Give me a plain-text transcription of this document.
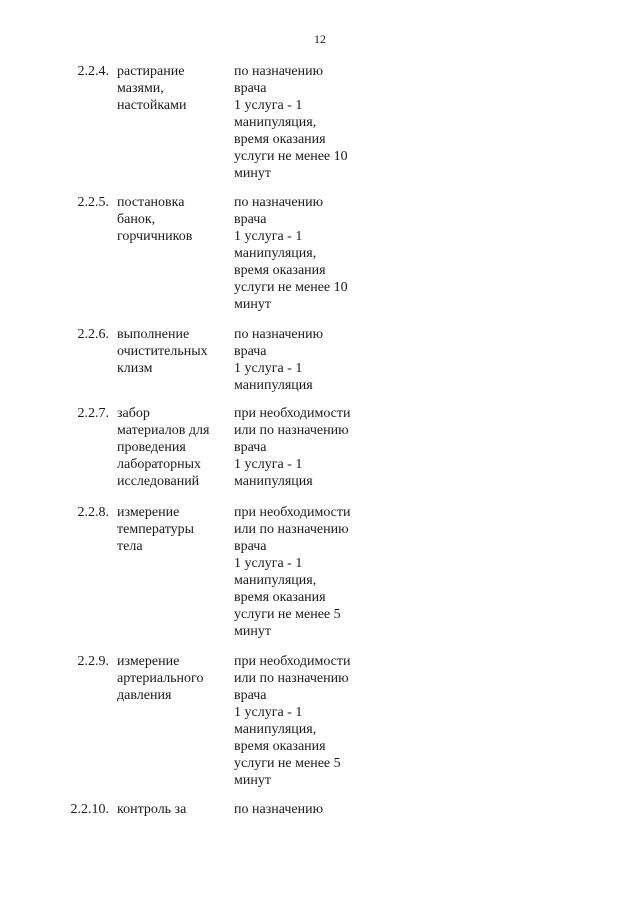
12
2.2.4. растирание
мазями,
настойками
по назначению
врача
1 услуга - 1
манипуляция,
время оказания
услуги не менее 10
минут
2.2.5. постановка
банок,
горчичников
по назначению
врача
1 услуга - 1
манипуляция,
время оказания
услуги не менее 10
минут
2.2.6. выполнение
очистительных
клизм
по назначению
врача
1 услуга - 1
манипуляция
2.2.7. забор
материалов для
проведения
лабораторных
исследований
при необходимости
или по назначению
врача
1 услуга - 1
манипуляция
2.2.8. измерение
температуры
тела
при необходимости
или по назначению
врача
1 услуга - 1
манипуляция,
время оказания
услуги не менее 5
минут
2.2.9. измерение
артериального
давления
при необходимости
или по назначению
врача
1 услуга - 1
манипуляция,
время оказания
услуги не менее 5
минут
2.2.10. контроль за	по назначению
